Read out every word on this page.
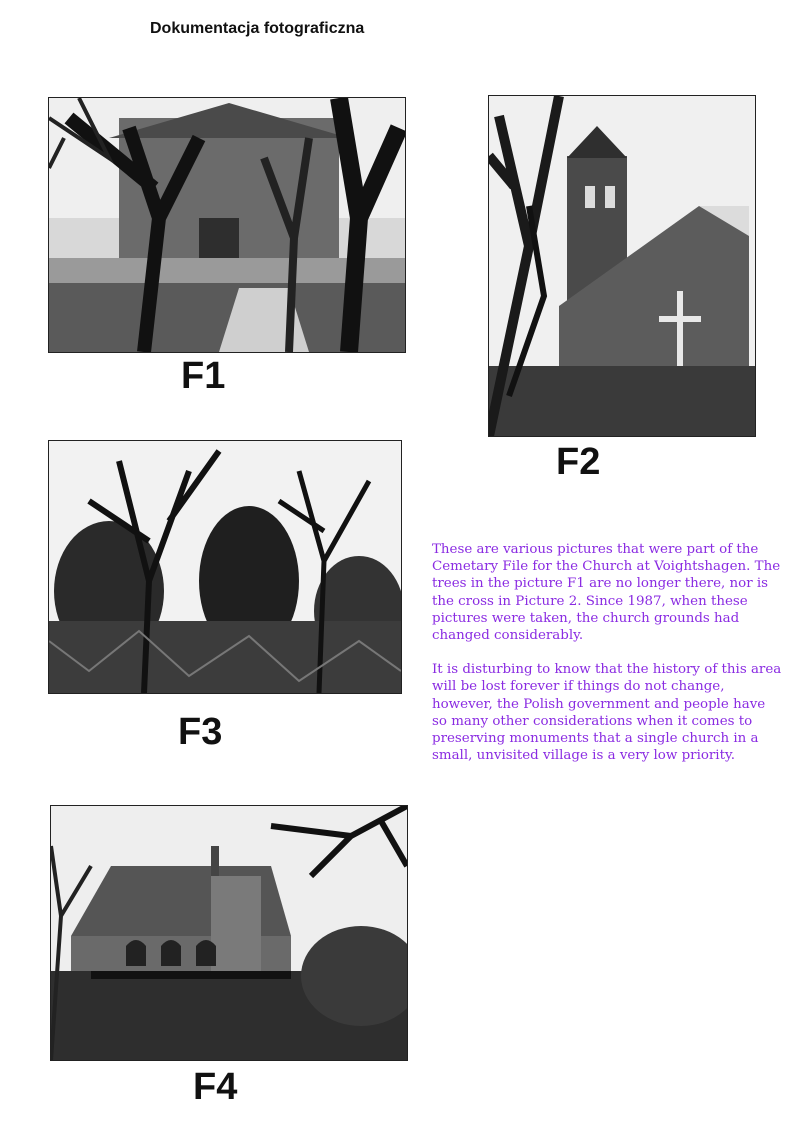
Dokumentacja fotograficzna
F1
F2
F3
F4

These are various pictures that were part of the Cemetary File for the Church at Voightshagen. The trees in the picture F1 are no longer there, nor is the cross in Picture 2. Since 1987, when these pictures were taken, the church grounds had changed considerably.

It is disturbing to know that the history of this area will be lost forever if things do not change, however, the Polish government and people have so many other considerations when it comes to preserving monuments that a single church in a small, unvisited village is a very low priority.
